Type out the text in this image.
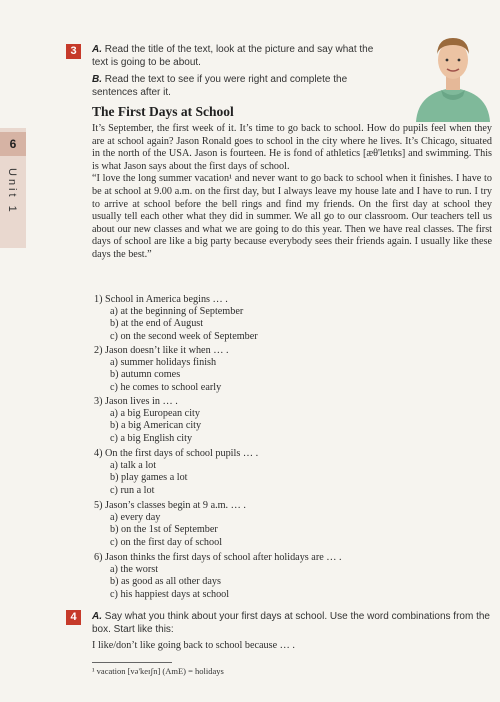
6
Unit 1
3	A. Read the title of the text, look at the picture and say what the text is going to be about.
B. Read the text to see if you were right and complete the sentences after it.
The First Days at School

It’s September, the first week of it. It’s time to go back to school. How do pupils feel when they are at school again? Jason Ronald goes to school in the city where he lives. It’s Chicago, situated in the north of the USA. Jason is fourteen. He is fond of athletics [æθ'letɪks] and swimming. This is what Jason says about the first days of school.

“I love the long summer vacation¹ and never want to go back to school when it finishes. I have to be at school at 9.00 a.m. on the first day, but I always leave my house late and I have to run. I try to arrive at school before the bell rings and find my friends. On the first day at school they usually tell each other what they did in summer. We all go to our classroom. Our teachers tell us about our new classes and what we are going to do this year. Then we have real classes. The first days of school are like a big party because everybody sees their friends again. I usually like these days the best.”

1) School in America begins … .
a) at the beginning of September
b) at the end of August
c) on the second week of September
2) Jason doesn’t like it when … .
a) summer holidays finish
b) autumn comes
c) he comes to school early
3) Jason lives in … .
a) a big European city
b) a big American city
c) a big English city
4) On the first days of school pupils … .
a) talk a lot
b) play games a lot
c) run a lot
5) Jason’s classes begin at 9 a.m. … .
a) every day
b) on the 1st of September
c) on the first day of school
6) Jason thinks the first days of school after holidays are … .
a) the worst
b) as good as all other days
c) his happiest days at school
4	A. Say what you think about your first days at school. Use the word combinations from the box. Start like this:
I like/don’t like going back to school because … .
¹ vacation [və'keɪʃn] (AmE) = holidays
